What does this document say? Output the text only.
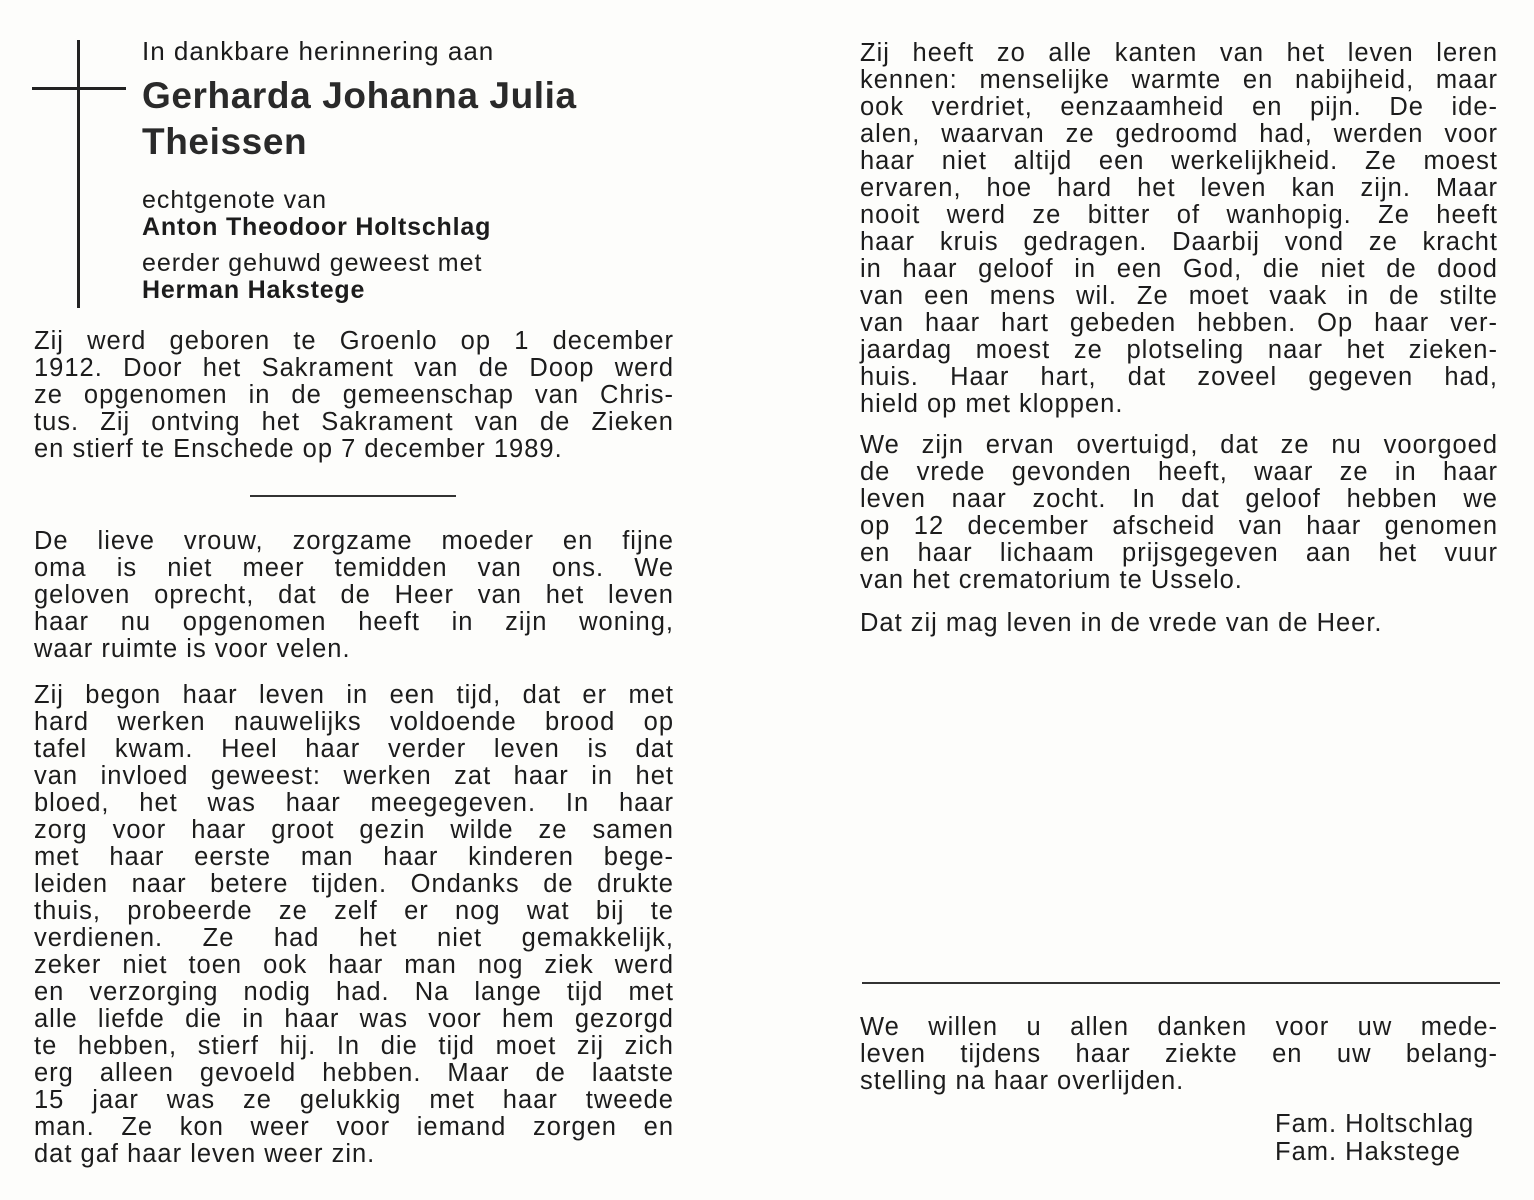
In dankbare herinnering aan

Gerharda Johanna Julia
Theissen

echtgenote van

Anton Theodoor Holtschlag

eerder gehuwd geweest met

Herman Hakstege

Zij werd geboren te Groenlo op 1 december

1912. Door het Sakrament van de Doop werd

ze opgenomen in de gemeenschap van Chris-

tus. Zij ontving het Sakrament van de Zieken

en stierf te Enschede op 7 december 1989.

De lieve vrouw, zorgzame moeder en fijne

oma is niet meer temidden van ons. We

geloven oprecht, dat de Heer van het leven

haar nu opgenomen heeft in zijn woning,

waar ruimte is voor velen.

Zij begon haar leven in een tijd, dat er met

hard werken nauwelijks voldoende brood op

tafel kwam. Heel haar verder leven is dat

van invloed geweest: werken zat haar in het

bloed, het was haar meegegeven. In haar

zorg voor haar groot gezin wilde ze samen

met haar eerste man haar kinderen bege-

leiden naar betere tijden. Ondanks de drukte

thuis, probeerde ze zelf er nog wat bij te

verdienen. Ze had het niet gemakkelijk,

zeker niet toen ook haar man nog ziek werd

en verzorging nodig had. Na lange tijd met

alle liefde die in haar was voor hem gezorgd

te hebben, stierf hij. In die tijd moet zij zich

erg alleen gevoeld hebben. Maar de laatste

15 jaar was ze gelukkig met haar tweede

man. Ze kon weer voor iemand zorgen en

dat gaf haar leven weer zin.

Zij heeft zo alle kanten van het leven leren

kennen: menselijke warmte en nabijheid, maar

ook verdriet, eenzaamheid en pijn. De ide-

alen, waarvan ze gedroomd had, werden voor

haar niet altijd een werkelijkheid. Ze moest

ervaren, hoe hard het leven kan zijn. Maar

nooit werd ze bitter of wanhopig. Ze heeft

haar kruis gedragen. Daarbij vond ze kracht

in haar geloof in een God, die niet de dood

van een mens wil. Ze moet vaak in de stilte

van haar hart gebeden hebben. Op haar ver-

jaardag moest ze plotseling naar het zieken-

huis. Haar hart, dat zoveel gegeven had,

hield op met kloppen.

We zijn ervan overtuigd, dat ze nu voorgoed

de vrede gevonden heeft, waar ze in haar

leven naar zocht. In dat geloof hebben we

op 12 december afscheid van haar genomen

en haar lichaam prijsgegeven aan het vuur

van het crematorium te Usselo.

Dat zij mag leven in de vrede van de Heer.

We willen u allen danken voor uw mede-

leven tijdens haar ziekte en uw belang-

stelling na haar overlijden.

Fam. Holtschlag
Fam. Hakstege
